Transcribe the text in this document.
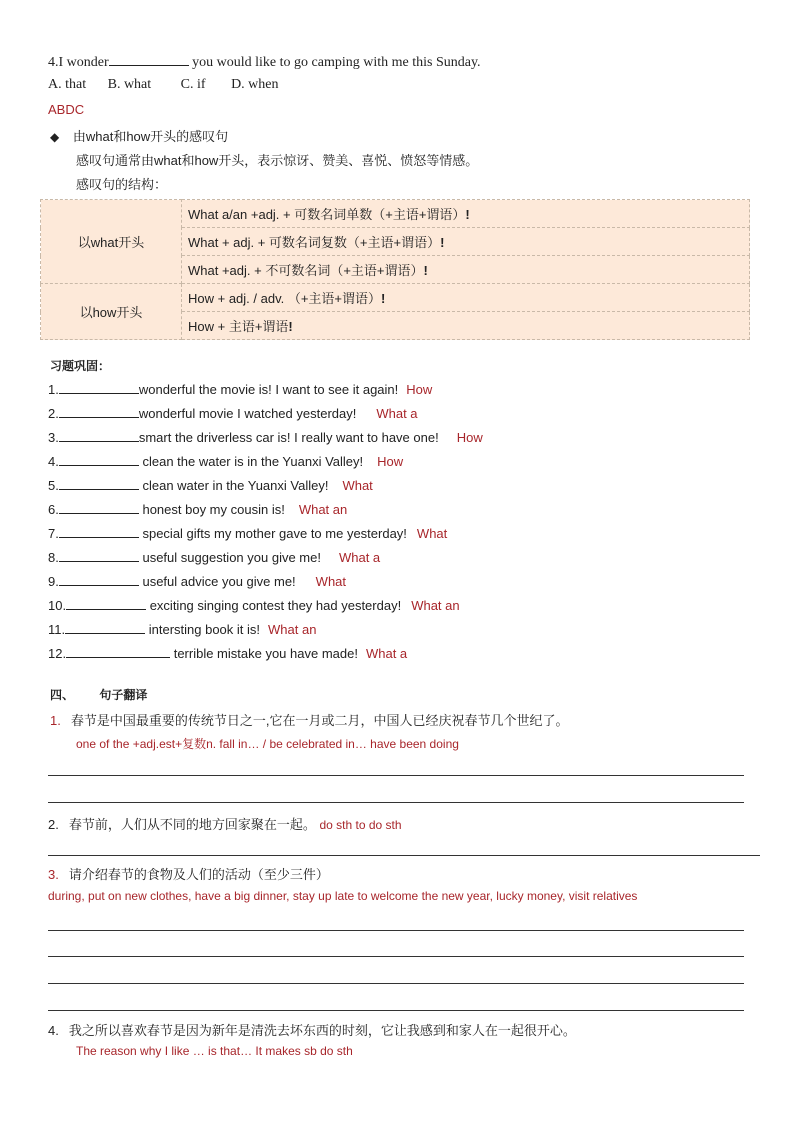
4.I wonder	you would like to go camping with me this Sunday.
A. that B. what C. if D. when
ABDC
◆ 由what和how开头的感叹句
感叹句通常由what和how开头，表示惊讶、赞美、喜悦、愤怒等情感。
感叹句的结构：
以what开头	What a/an +adj. + 可数名词单数（+主语+谓语）!
	What + adj. + 可数名词复数（+主语+谓语）!
	What +adj. + 不可数名词（+主语+谓语）!
以how开头	How + adj. / adv. （+主语+谓语）!
	How + 主语+谓语!
习题巩固：
1.	wonderful the movie is! I want to see it again! How
2.	wonderful movie I watched yesterday! What a
3.	smart the driverless car is! I really want to have one! How
4.	clean the water is in the Yuanxi Valley! How
5.	clean water in the Yuanxi Valley! What
6.	honest boy my cousin is! What an
7.	special gifts my mother gave to me yesterday! What
8.	useful suggestion you give me! What a
9.	useful advice you give me! What
10.	exciting singing contest they had yesterday! What an
11.	intersting book it is! What an
12.	terrible mistake you have made! What a
四、 句子翻译
1. 春节是中国最重要的传统节日之一,它在一月或二月，中国人已经庆祝春节几个世纪了。
one of the +adj.est+复数n. fall in… / be celebrated in… have been doing
2. 春节前，人们从不同的地方回家聚在一起。 do sth to do sth
3. 请介绍春节的食物及人们的活动（至少三件）
during, put on new clothes, have a big dinner, stay up late to welcome the new year, lucky money, visit relatives
4. 我之所以喜欢春节是因为新年是清洗去坏东西的时刻，它让我感到和家人在一起很开心。
The reason why I like … is that… It makes sb do sth
